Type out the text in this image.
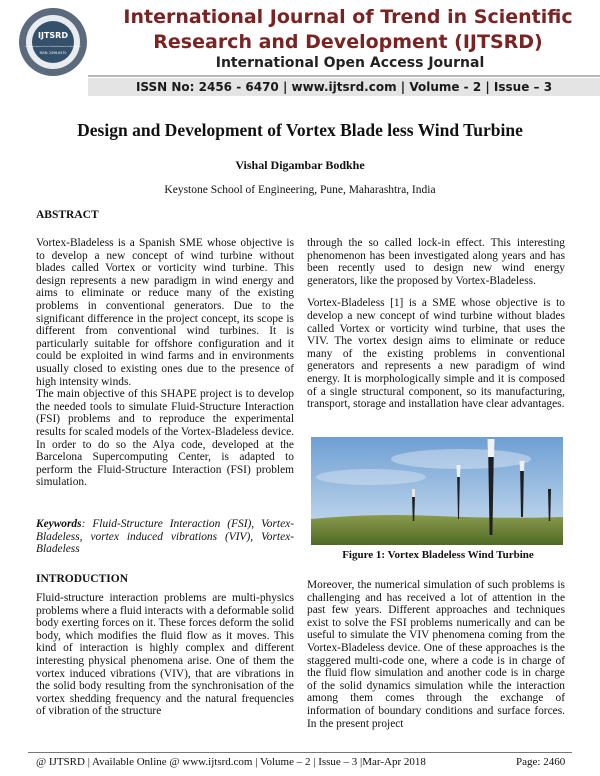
IJTSRD
International Journal of Trend in Scientific Research and Development
ISSN: 2456-6470
International Journal of Trend in Scientific
Research and Development (IJTSRD)
International Open Access Journal
ISSN No: 2456 - 6470 | www.ijtsrd.com | Volume - 2 | Issue – 3
Design and Development of Vortex Blade less Wind Turbine
Vishal Digambar Bodkhe
Keystone School of Engineering, Pune, Maharashtra, India
ABSTRACT

Vortex-Bladeless is a Spanish SME whose objective is to develop a new concept of wind turbine without blades called Vortex or vorticity wind turbine. This design represents a new paradigm in wind energy and aims to eliminate or reduce many of the existing problems in conventional generators. Due to the significant difference in the project concept, its scope is different from conventional wind turbines. It is particularly suitable for offshore configuration and it could be exploited in wind farms and in environments usually closed to existing ones due to the presence of high intensity winds.

The main objective of this SHAPE project is to develop the needed tools to simulate Fluid-Structure Interaction (FSI) problems and to reproduce the experimental results for scaled models of the Vortex-Bladeless device. In order to do so the Alya code, developed at the Barcelona Supercomputing Center, is adapted to perform the Fluid-Structure Interaction (FSI) problem simulation.

Keywords: Fluid-Structure Interaction (FSI), Vortex-Bladeless, vortex induced vibrations (VIV), Vortex-Bladeless
INTRODUCTION

Fluid-structure interaction problems are multi-physics problems where a fluid interacts with a deformable solid body exerting forces on it. These forces deform the solid body, which modifies the fluid flow as it moves. This kind of interaction is highly complex and different interesting physical phenomena arise. One of them the vortex induced vibrations (VIV), that are vibrations in the solid body resulting from the synchronisation of the vortex shedding frequency and the natural frequencies of vibration of the structure

through the so called lock-in effect. This interesting phenomenon has been investigated along years and has been recently used to design new wind energy generators, like the proposed by Vortex-Bladeless.

Vortex-Bladeless [1] is a SME whose objective is to develop a new concept of wind turbine without blades called Vortex or vorticity wind turbine, that uses the VIV. The vortex design aims to eliminate or reduce many of the existing problems in conventional generators and represents a new paradigm of wind energy. It is morphologically simple and it is composed of a single structural component, so its manufacturing, transport, storage and installation have clear advantages.

Figure 1: Vortex Bladeless Wind Turbine

Moreover, the numerical simulation of such problems is challenging and has received a lot of attention in the past few years. Different approaches and techniques exist to solve the FSI problems numerically and can be useful to simulate the VIV phenomena coming from the Vortex-Bladeless device. One of these approaches is the staggered multi-code one, where a code is in charge of the fluid flow simulation and another code is in charge of the solid dynamics simulation while the interaction among them comes through the exchange of information of boundary conditions and surface forces. In the present project

@ IJTSRD | Available Online @ www.ijtsrd.com | Volume – 2 | Issue – 3 |Mar-Apr 2018	Page: 2460
